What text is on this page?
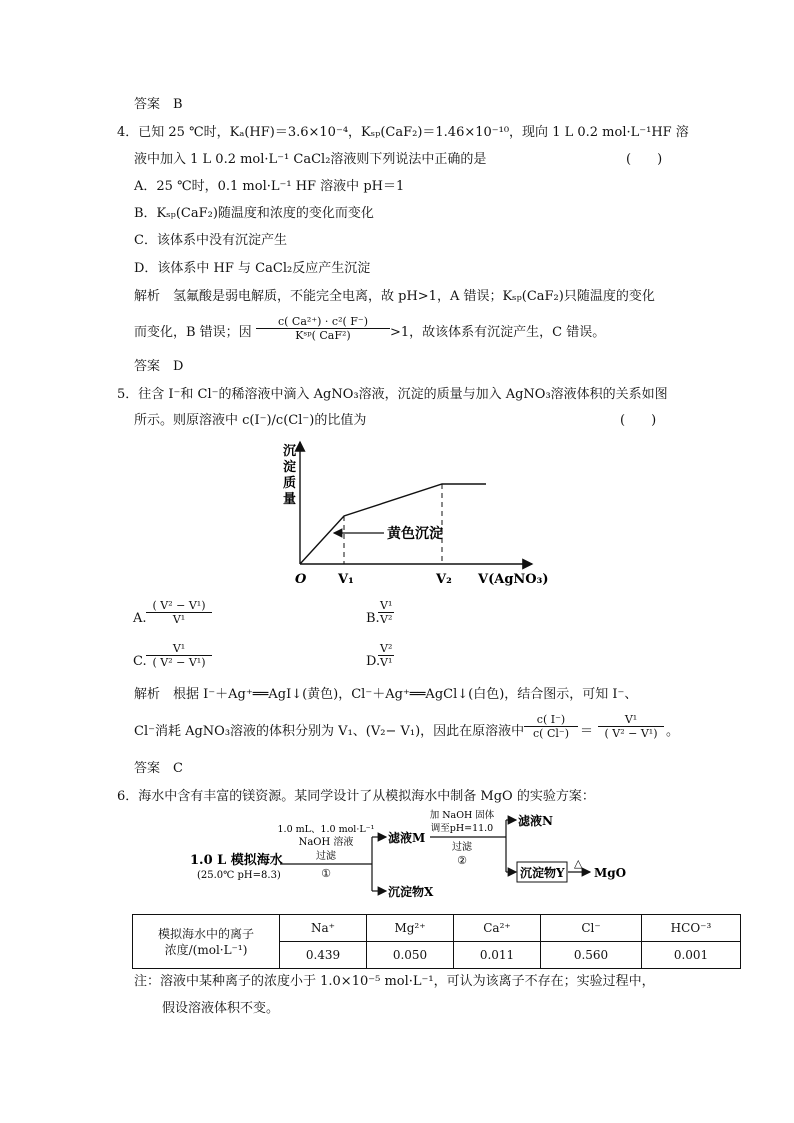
答案　 B
4．已知 25 ℃时，Kₐ(HF)＝3.6×10⁻⁴，Kₛₚ(CaF₂)＝1.46×10⁻¹⁰，现向 1 L 0.2 mol·L⁻¹HF 溶
液中加入 1 L 0.2 mol·L⁻¹ CaCl₂溶液则下列说法中正确的是	(　　)
A．25 ℃时，0.1 mol·L⁻¹ HF 溶液中 pH＝1
B．Kₛₚ(CaF₂)随温度和浓度的变化而变化
C．该体系中没有沉淀产生
D．该体系中 HF 与 CaCl₂反应产生沉淀
解析　氢氟酸是弱电解质，不能完全电离，故 pH>1，A 错误；Kₛₚ(CaF₂)只随温度的变化
而变化，B 错误；因
c( Ca²⁺) · c²( F⁻)
Kˢᵖ( CaF²)	>1，故该体系有沉淀产生，C 错误。
答案　 D
5．往含 I⁻和 Cl⁻的稀溶液中滴入 AgNO₃溶液，沉淀的质量与加入 AgNO₃溶液体积的关系如图
所示。则原溶液中 c(I⁻)/c(Cl⁻)的比值为	(　　)
黄色沉淀
沉
淀
质
量
O V₁	V₂ V(AgNO₃)
A. $\frac{\text{( V² − V¹)}}{\text{V¹}}$	B.
$\frac{\text{V¹}}{\text{V²}}$
C. $\frac{\text{V¹}}{\text{( V² − V¹)}}$	D.
$\frac{\text{V²}}{\text{V¹}}$
解析　根据 I⁻＋Ag⁺══AgI↓(黄色)，Cl⁻＋Ag⁺══AgCl↓(白色)，结合图示，可知 I⁻、
Cl⁻消耗 AgNO₃溶液的体积分别为 V₁、(V₂− V₁)，因此在原溶液中 $\frac{c( I^-)}{c( Cl^-)} = \frac{\text{V¹}}{\text{( V² − V¹)}}$ 。
答案　 C
6．海水中含有丰富的镁资源。某同学设计了从模拟海水中制备 MgO 的实验方案：
1.0 L 模拟海水
(25.0℃ pH=8.3)
1.0 mL、1.0 mol·L⁻¹
NaOH 溶液
过滤
①
滤液M
沉淀物X
加 NaOH 固体
调至pH=11.0
过滤
②
滤液N
沉淀物Y
△
MgO
模拟海水中的离子
浓度/(mol·L⁻¹)	Na⁺	Mg²⁺	Ca²⁺	Cl⁻	HCO⁻³
	0.439	0.050	0.011	0.560	0.001
注：溶液中某种离子的浓度小于 1.0×10⁻⁵ mol·L⁻¹，可认为该离子不存在；实验过程中，
假设溶液体积不变。
